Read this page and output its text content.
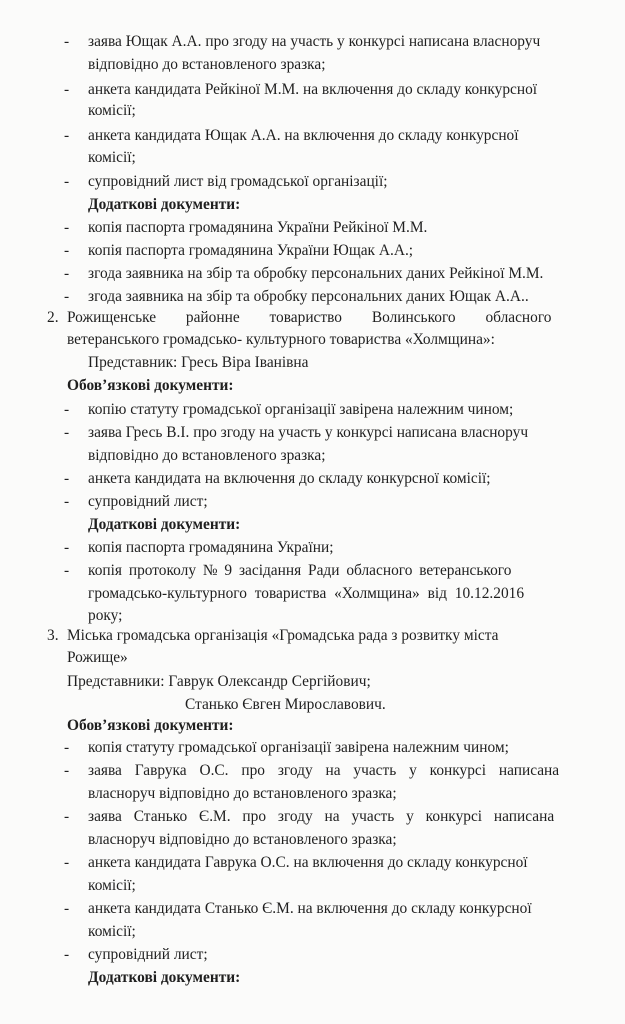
-
-
-
-
-
-
-
-
-
-
-
-
-
-
-
-
-
-
-
-
заява Ющак А.А. про згоду на участь у конкурсі написана власноруч
відповідно до встановленого зразка;
анкета кандидата Рейкіної М.М. на включення до складу конкурсної
комісії;
анкета кандидата Ющак А.А. на включення до складу конкурсної
комісії;
супровідний лист від громадської організації;
Додаткові документи:
копія паспорта громадянина України Рейкіної М.М.
копія паспорта громадянина України Ющак А.А.;
згода заявника на збір та обробку персональних даних Рейкіної М.М.
згода заявника на збір та обробку персональних даних Ющак А.А..
2. Рожищенське районне товариство Волинського обласного
ветеранського громадсько- культурного товариства «Холмщина»:
Представник: Гресь Віра Іванівна
Обов’язкові документи:
копію статуту громадської організації завірена належним чином;
заява Гресь В.І. про згоду на участь у конкурсі написана власноруч
відповідно до встановленого зразка;
анкета кандидата на включення до складу конкурсної комісії;
супровідний лист;
Додаткові документи:
копія паспорта громадянина України;
копія протоколу № 9 засідання Ради обласного ветеранського
громадсько-культурного товариства «Холмщина» від 10.12.2016
року;
3. Міська громадська організація «Громадська рада з розвитку міста
Рожище»
Представники: Гаврук Олександр Сергійович;
Станько Євген Мирославович.
Обов’язкові документи:
копія статуту громадської організації завірена належним чином;
заява Гаврука О.С. про згоду на участь у конкурсі написана
власноруч відповідно до встановленого зразка;
заява Станько Є.М. про згоду на участь у конкурсі написана
власноруч відповідно до встановленого зразка;
анкета кандидата Гаврука О.С. на включення до складу конкурсної
комісії;
анкета кандидата Станько Є.М. на включення до складу конкурсної
комісії;
супровідний лист;
Додаткові документи:
